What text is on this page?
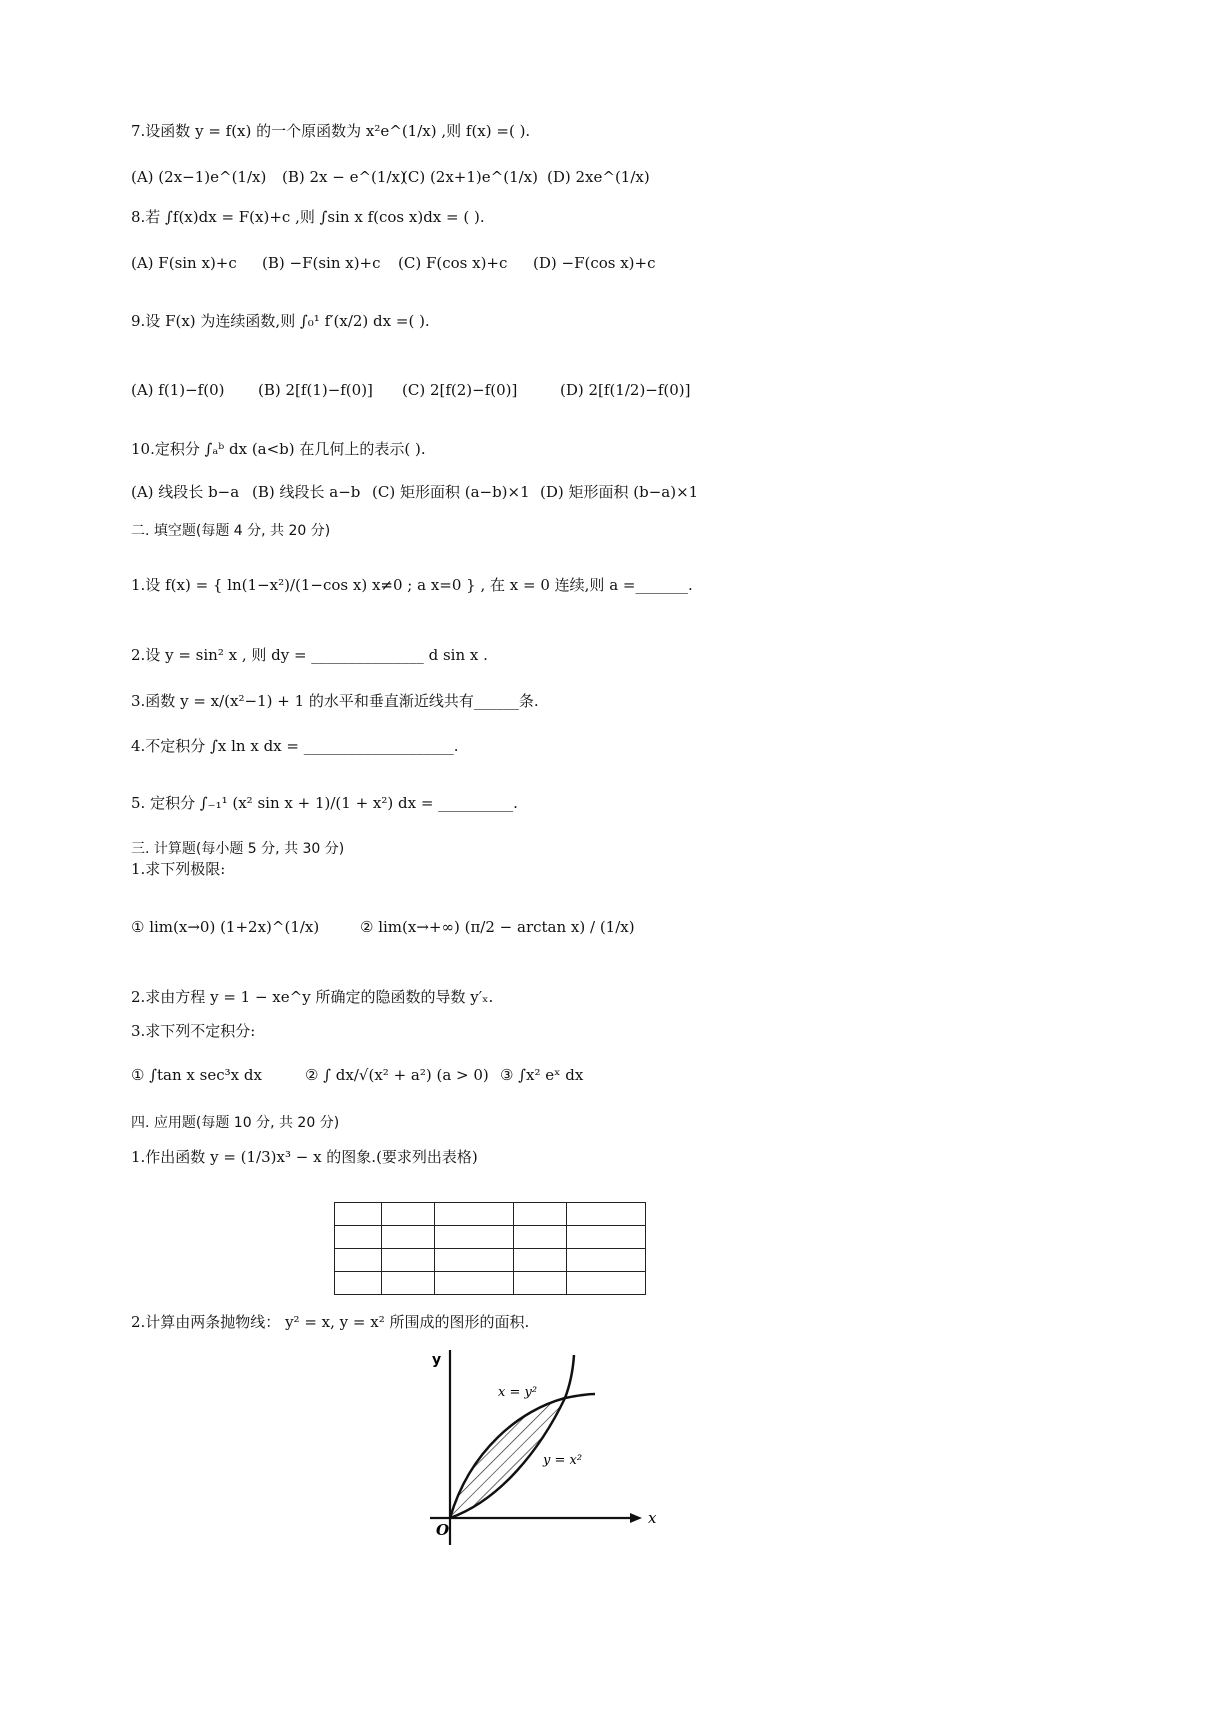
7.设函数 y = f(x) 的一个原函数为 x²e^(1/x) ,则 f(x) =( ).
(A) (2x−1)e^(1/x) (B) 2x − e^(1/x)
(C) (2x+1)e^(1/x) (D) 2xe^(1/x)
8.若 ∫f(x)dx = F(x)+c ,则 ∫sin x f(cos x)dx = ( ).
(A) F(sin x)+c (B) −F(sin x)+c (C) F(cos x)+c (D) −F(cos x)+c
9.设 F(x) 为连续函数,则 ∫₀¹ f′(x/2) dx =( ).
(A) f(1)−f(0) (B) 2[f(1)−f(0)] (C) 2[f(2)−f(0)]	(D) 2[f(1/2)−f(0)]
10.定积分 ∫ₐᵇ dx (a<b) 在几何上的表示( ).
(A) 线段长 b−a (B) 线段长 a−b (C) 矩形面积 (a−b)×1 (D) 矩形面积 (b−a)×1
二. 填空题(每题 4 分, 共 20 分)
1.设 f(x) = { ln(1−x²)/(1−cos x) x≠0 ; a x=0 } , 在 x = 0 连续,则 a =_______.
2.设 y = sin² x , 则 dy = _______________ d sin x .
3.函数 y = x/(x²−1) + 1 的水平和垂直渐近线共有______条.
4.不定积分 ∫x ln x dx = ____________________.
5. 定积分 ∫₋₁¹ (x² sin x + 1)/(1 + x²) dx = __________.
三. 计算题(每小题 5 分, 共 30 分)
1.求下列极限:
① lim(x→0) (1+2x)^(1/x)	② lim(x→+∞) (π/2 − arctan x) / (1/x)
2.求由方程 y = 1 − xe^y 所确定的隐函数的导数 y′ₓ.
3.求下列不定积分:
① ∫tan x sec³x dx	② ∫ dx/√(x² + a²) (a > 0) ③ ∫x² eˣ dx
四. 应用题(每题 10 分, 共 20 分)
1.作出函数 y = (1/3)x³ − x 的图象.(要求列出表格)

2.计算由两条抛物线： y² = x, y = x² 所围成的图形的面积.
y
x
O
x = y²
y = x²
